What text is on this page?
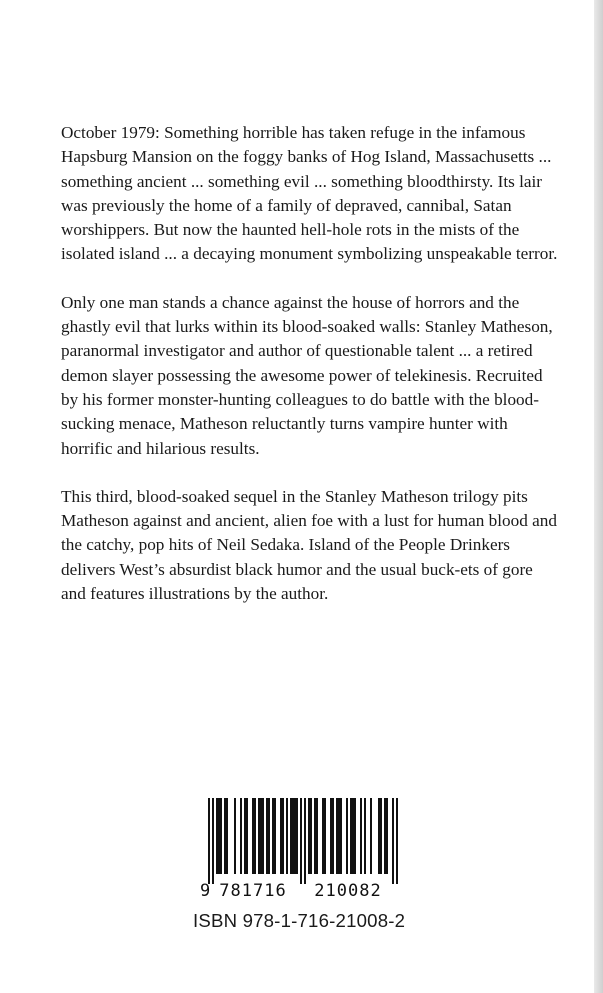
October 1979: Something horrible has taken refuge in the infamous Hapsburg Mansion on the foggy banks of Hog Island, Massachusetts ... something ancient ... something evil ... something bloodthirsty. Its lair was previously the home of a family of depraved, cannibal, Satan worshippers. But now the haunted hell-hole rots in the mists of the isolated island ... a decaying monument symbolizing unspeakable terror.

Only one man stands a chance against the house of horrors and the ghastly evil that lurks within its blood-soaked walls: Stanley Matheson, paranormal investigator and author of questionable talent ... a retired demon slayer possessing the awesome power of telekinesis. Recruited by his former monster-hunting colleagues to do battle with the blood-sucking menace, Matheson reluctantly turns vampire hunter with horrific and hilarious results.

This third, blood-soaked sequel in the Stanley Matheson trilogy pits Matheson against and ancient, alien foe with a lust for human blood and the catchy, pop hits of Neil Sedaka. Island of the People Drinkers delivers West’s absurdist black humor and the usual buck-ets of gore and features illustrations by the author.

9 781716 210082
ISBN 978-1-716-21008-2
